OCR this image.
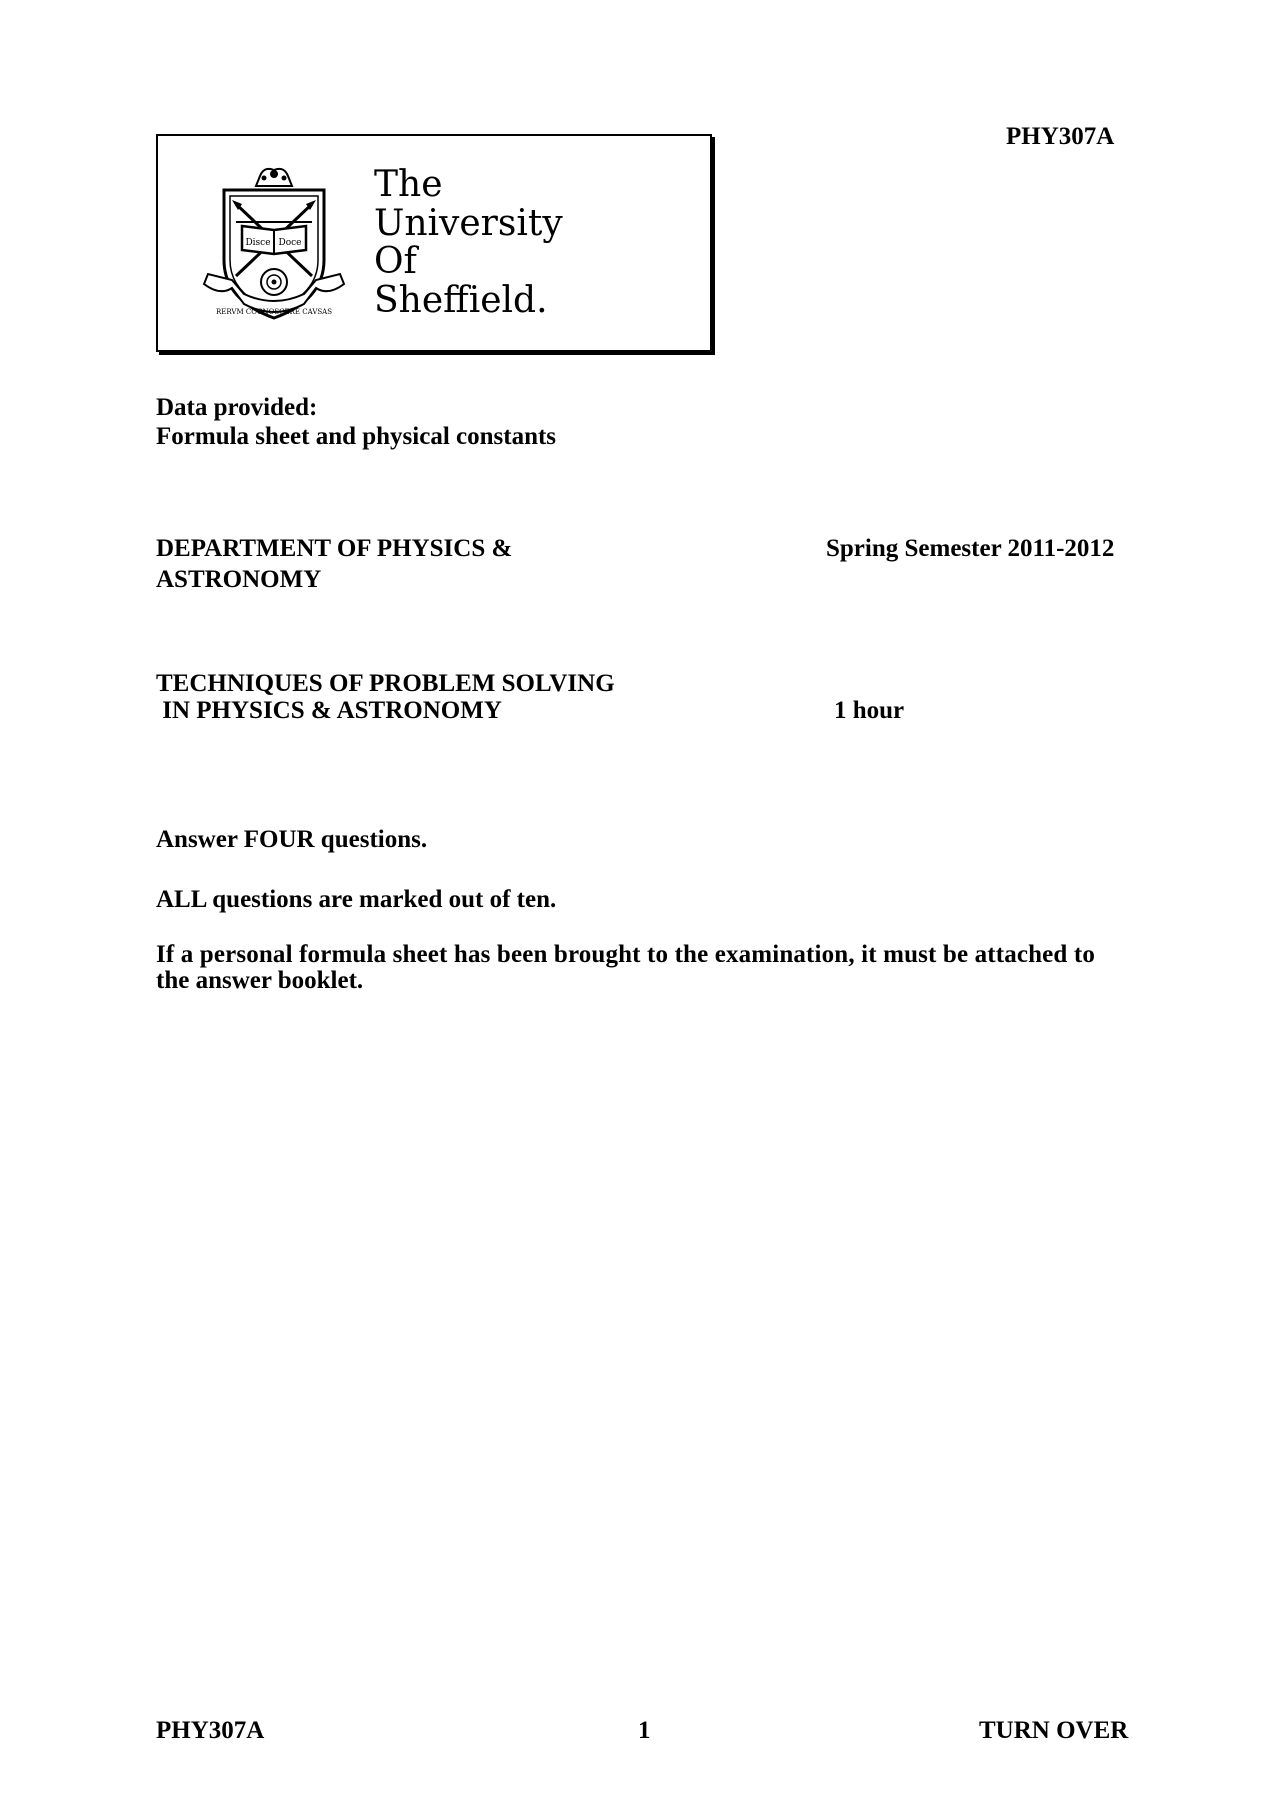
PHY307A
Disce Doce
RERVM COGNOSCERE CAVSAS
The
University
Of
Sheffield.
Data provided:
Formula sheet and physical constants
DEPARTMENT OF PHYSICS &
ASTRONOMY
Spring Semester 2011-2012
TECHNIQUES OF PROBLEM SOLVING
IN PHYSICS & ASTRONOMY	1 hour
Answer FOUR questions.
ALL questions are marked out of ten.
If a personal formula sheet has been brought to the examination, it must be attached to
the answer booklet.
PHY307A	1	TURN OVER
